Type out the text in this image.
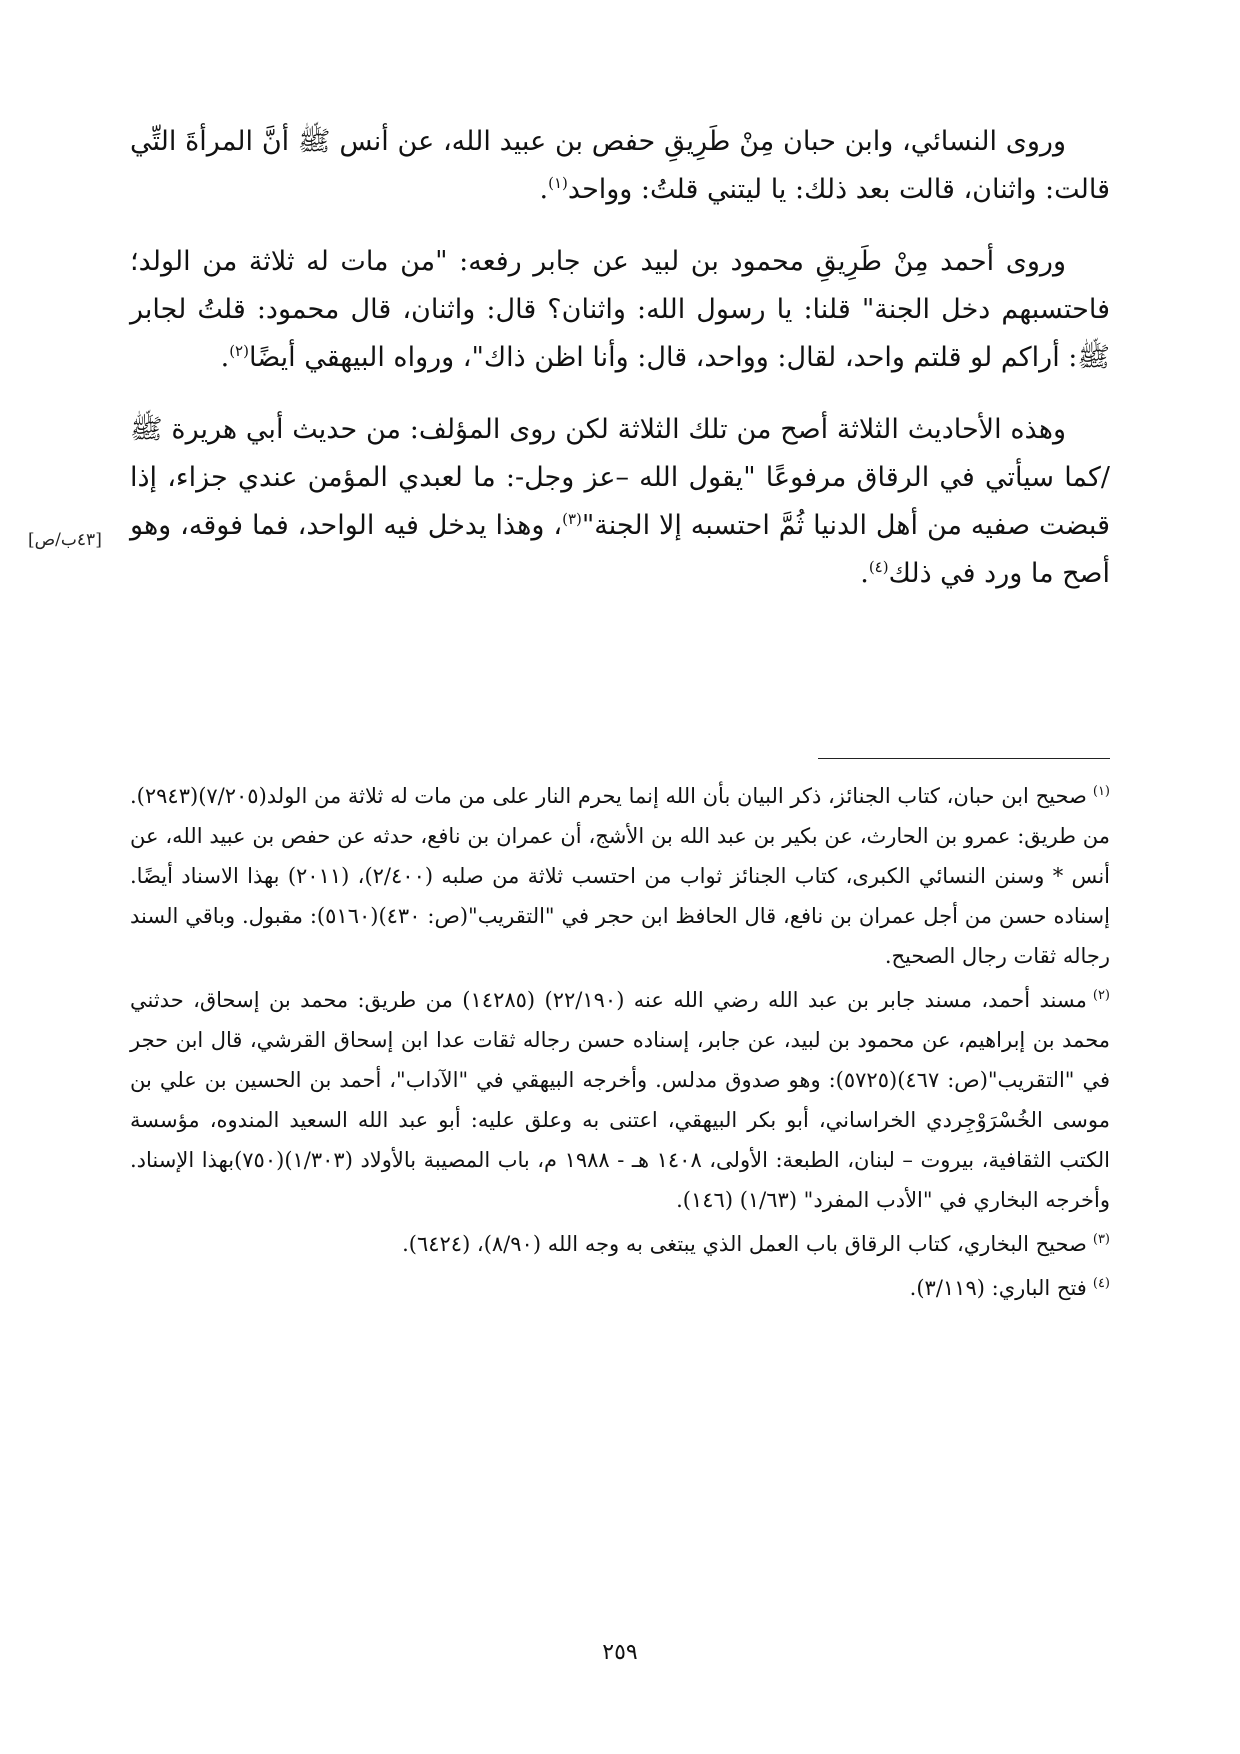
وروى النسائي، وابن حبان مِنْ طَرِيقِ حفص بن عبيد الله، عن أنس ﷺ أنَّ المرأةَ التِّي قالت: واثنان، قالت بعد ذلك: يا ليتني قلتُ: وواحد$^{(١)}$.

وروى أحمد مِنْ طَرِيقِ محمود بن لبيد عن جابر رفعه: "من مات له ثلاثة من الولد؛ فاحتسبهم دخل الجنة" قلنا: يا رسول الله: واثنان؟ قال: واثنان، قال محمود: قلتُ لجابر ﷺ: أراكم لو قلتم واحد، لقال: وواحد، قال: وأنا اظن ذاك"، ورواه البيهقي أيضًا$^{(٢)}$.

وهذه الأحاديث الثلاثة أصح من تلك الثلاثة لكن روى المؤلف: من حديث أبي هريرة ﷺ /كما سيأتي في الرقاق مرفوعًا "يقول الله –عز وجل-: ما لعبدي المؤمن عندي جزاء، إذا قبضت صفيه من أهل الدنيا ثُمَّ احتسبه إلا الجنة"$^{(٣)}$، وهذا يدخل فيه الواحد، فما فوقه، وهو أصح ما ورد في ذلك$^{(٤)}$.

[٤٣ب/ص]

$^{(١)}$صحيح ابن حبان، كتاب الجنائز، ذكر البيان بأن الله إنما يحرم النار على من مات له ثلاثة من الولد(٧/٢٠٥)(٢٩٤٣). من طريق: عمرو بن الحارث، عن بكير بن عبد الله بن الأشج، أن عمران بن نافع، حدثه عن حفص بن عبيد الله، عن أنس * وسنن النسائي الكبرى، كتاب الجنائز ثواب من احتسب ثلاثة من صلبه (٢/٤٠٠)، (٢٠١١) بهذا الاسناد أيضًا. إسناده حسن من أجل عمران بن نافع، قال الحافظ ابن حجر في "التقريب"(ص: ٤٣٠)(٥١٦٠): مقبول. وباقي السند رجاله ثقات رجال الصحيح.

$^{(٢)}$مسند أحمد، مسند جابر بن عبد الله رضي الله عنه (٢٢/١٩٠) (١٤٢٨٥) من طريق: محمد بن إسحاق، حدثني محمد بن إبراهيم، عن محمود بن لبيد، عن جابر، إسناده حسن رجاله ثقات عدا ابن إسحاق القرشي، قال ابن حجر في "التقريب"(ص: ٤٦٧)(٥٧٢٥): وهو صدوق مدلس. وأخرجه البيهقي في "الآداب"، أحمد بن الحسين بن علي بن موسى الخُسْرَوْجِردي الخراساني، أبو بكر البيهقي، اعتنى به وعلق عليه: أبو عبد الله السعيد المندوه، مؤسسة الكتب الثقافية، بيروت – لبنان، الطبعة: الأولى، ١٤٠٨ هـ - ١٩٨٨ م، باب المصيبة بالأولاد (١/٣٠٣)(٧٥٠)بهذا الإسناد. وأخرجه البخاري في "الأدب المفرد" (١/٦٣) (١٤٦).

$^{(٣)}$صحيح البخاري، كتاب الرقاق باب العمل الذي يبتغى به وجه الله (٨/٩٠)، (٦٤٢٤).

$^{(٤)}$فتح الباري: (٣/١١٩).

٢٥٩
